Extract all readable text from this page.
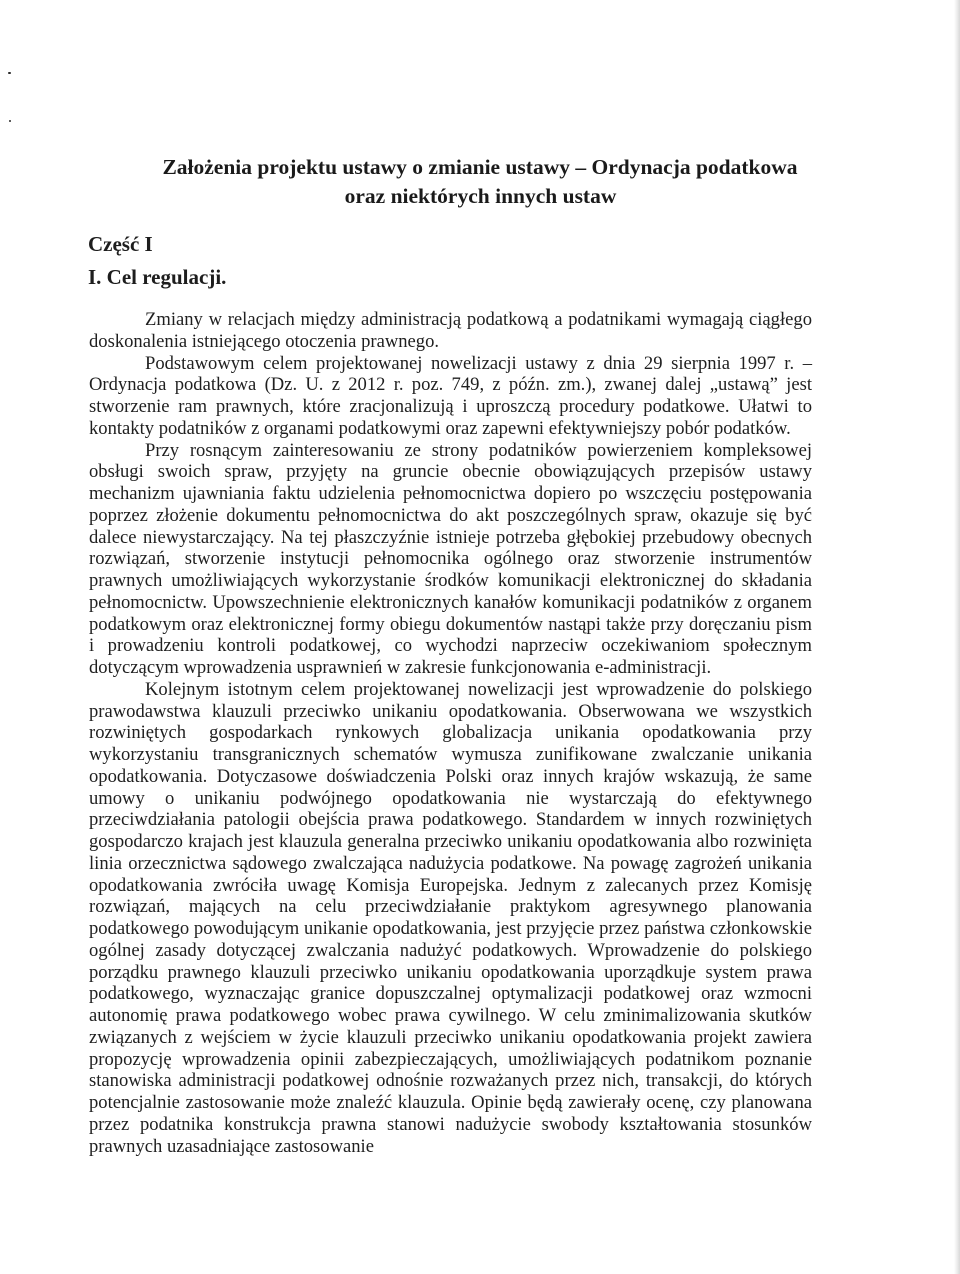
Założenia projektu ustawy o zmianie ustawy – Ordynacja podatkowa
oraz niektórych innych ustaw
Część I
I. Cel regulacji.

Zmiany w relacjach między administracją podatkową a podatnikami wymagają ciągłego doskonalenia istniejącego otoczenia prawnego.

Podstawowym celem projektowanej nowelizacji ustawy z dnia 29 sierpnia 1997 r. – Ordynacja podatkowa (Dz. U. z 2012 r. poz. 749, z późn. zm.), zwanej dalej „ustawą” jest stworzenie ram prawnych, które zracjonalizują i uproszczą procedury podatkowe. Ułatwi to kontakty podatników z organami podatkowymi oraz zapewni efektywniejszy pobór podatków.

Przy rosnącym zainteresowaniu ze strony podatników powierzeniem kompleksowej obsługi swoich spraw, przyjęty na gruncie obecnie obowiązujących przepisów ustawy mechanizm ujawniania faktu udzielenia pełnomocnictwa dopiero po wszczęciu postępowania poprzez złożenie dokumentu pełnomocnictwa do akt poszczególnych spraw, okazuje się być dalece niewystarczający. Na tej płaszczyźnie istnieje potrzeba głębokiej przebudowy obecnych rozwiązań, stworzenie instytucji pełnomocnika ogólnego oraz stworzenie instrumentów prawnych umożliwiających wykorzystanie środków komunikacji elektronicznej do składania pełnomocnictw. Upowszechnienie elektronicznych kanałów komunikacji podatników z organem podatkowym oraz elektronicznej formy obiegu dokumentów nastąpi także przy doręczaniu pism i prowadzeniu kontroli podatkowej, co wychodzi naprzeciw oczekiwaniom społecznym dotyczącym wprowadzenia usprawnień w zakresie funkcjonowania e-administracji.

Kolejnym istotnym celem projektowanej nowelizacji jest wprowadzenie do polskiego prawodawstwa klauzuli przeciwko unikaniu opodatkowania. Obserwowana we wszystkich rozwiniętych gospodarkach rynkowych globalizacja unikania opodatkowania przy wykorzystaniu transgranicznych schematów wymusza zunifikowane zwalczanie unikania opodatkowania. Dotyczasowe doświadczenia Polski oraz innych krajów wskazują, że same umowy o unikaniu podwójnego opodatkowania nie wystarczają do efektywnego przeciwdziałania patologii obejścia prawa podatkowego. Standardem w innych rozwiniętych gospodarczo krajach jest klauzula generalna przeciwko unikaniu opodatkowania albo rozwinięta linia orzecznictwa sądowego zwalczająca nadużycia podatkowe. Na powagę zagrożeń unikania opodatkowania zwróciła uwagę Komisja Europejska. Jednym z zalecanych przez Komisję rozwiązań, mających na celu przeciwdziałanie praktykom agresywnego planowania podatkowego powodującym unikanie opodatkowania, jest przyjęcie przez państwa członkowskie ogólnej zasady dotyczącej zwalczania nadużyć podatkowych. Wprowadzenie do polskiego porządku prawnego klauzuli przeciwko unikaniu opodatkowania uporządkuje system prawa podatkowego, wyznaczając granice dopuszczalnej optymalizacji podatkowej oraz wzmocni autonomię prawa podatkowego wobec prawa cywilnego. W celu zminimalizowania skutków związanych z wejściem w życie klauzuli przeciwko unikaniu opodatkowania projekt zawiera propozycję wprowadzenia opinii zabezpieczających, umożliwiających podatnikom poznanie stanowiska administracji podatkowej odnośnie rozważanych przez nich, transakcji, do których potencjalnie zastosowanie może znaleźć klauzula. Opinie będą zawierały ocenę, czy planowana przez podatnika konstrukcja prawna stanowi nadużycie swobody kształtowania stosunków prawnych uzasadniające zastosowanie
